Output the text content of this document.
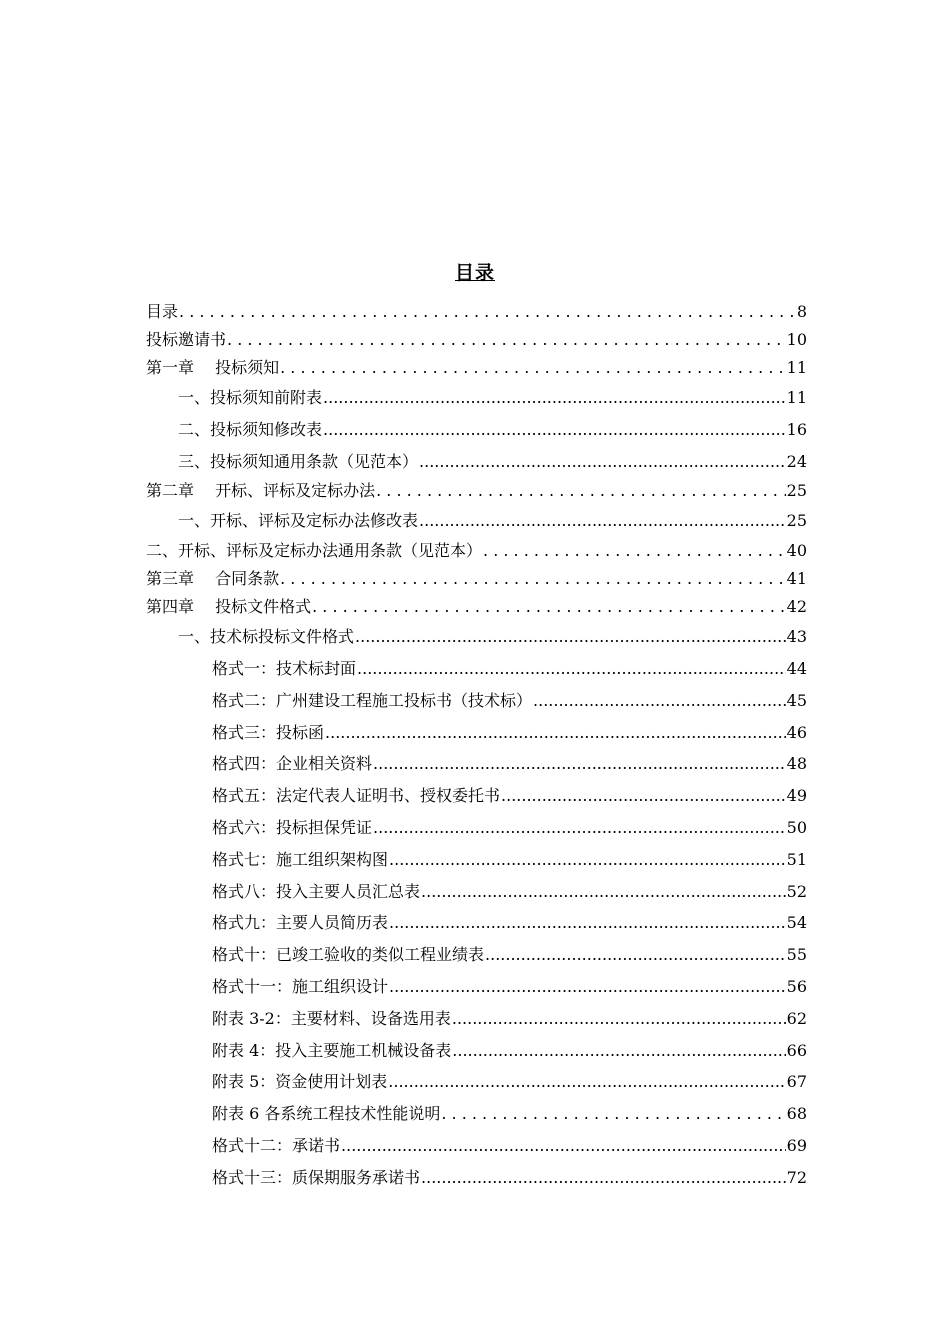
目录
目录 . . .	8
投标邀请书 . . .	10
第一章　 投标须知 . . .	11
一、投标须知前附表 .....	11
二、投标须知修改表 .....	16
三、投标须知通用条款（见范本） .....	24
第二章　 开标、评标及定标办法 . . .	25
一、开标、评标及定标办法修改表 .....	25
二、开标、评标及定标办法通用条款（见范本） . . .	40
第三章　 合同条款 . . .	41
第四章　 投标文件格式 . . .	42
一、技术标投标文件格式 .....	43
格式一：技术标封面 .....	44
格式二：广州建设工程施工投标书（技术标） .....	45
格式三：投标函 .....	46
格式四：企业相关资料 .....	48
格式五：法定代表人证明书、授权委托书 .....	49
格式六：投标担保凭证 .....	50
格式七：施工组织架构图 .....	51
格式八：投入主要人员汇总表 .....	52
格式九：主要人员简历表 .....	54
格式十：已竣工验收的类似工程业绩表 .....	55
格式十一：施工组织设计 .....	56
附表 3-2：主要材料、设备选用表 .....	62
附表 4：投入主要施工机械设备表 .....	66
附表 5：资金使用计划表 .....	67
附表 6 各系统工程技术性能说明 . . .	68
格式十二：承诺书 .....	69
格式十三：质保期服务承诺书 .....	72
